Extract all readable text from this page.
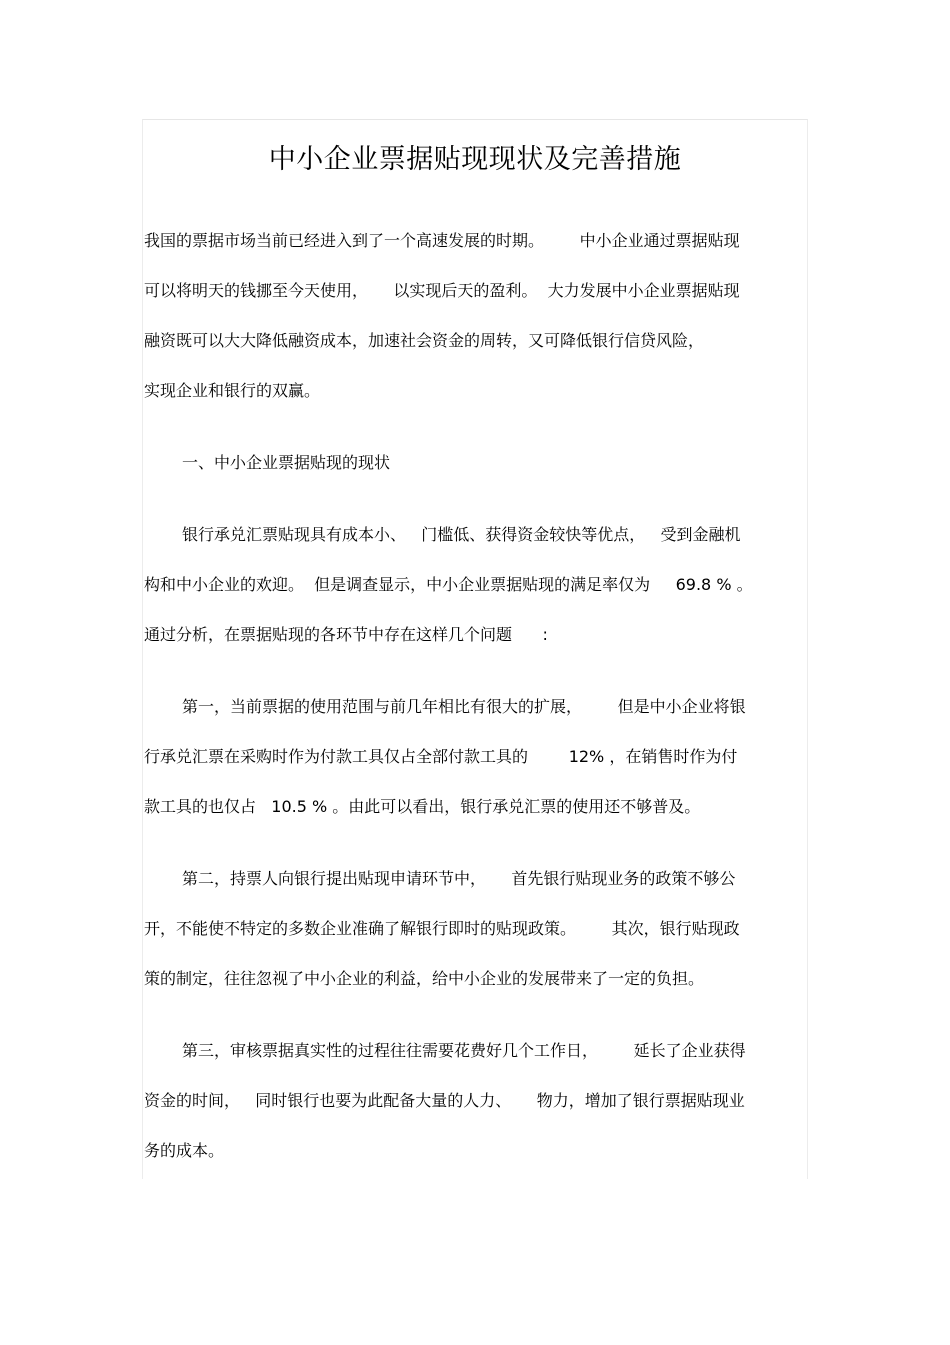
中小企业票据贴现现状及完善措施
我国的票据市场当前已经进入到了一个高速发展的时期。       中小企业通过票据贴现
可以将明天的钱挪至今天使用，     以实现后天的盈利。  大力发展中小企业票据贴现
融资既可以大大降低融资成本，加速社会资金的周转，又可降低银行信贷风险，
实现企业和银行的双赢。
一、中小企业票据贴现的现状
银行承兑汇票贴现具有成本小、   门槛低、获得资金较快等优点，   受到金融机
构和中小企业的欢迎。  但是调查显示，中小企业票据贴现的满足率仅为     69.8 % 。
通过分析，在票据贴现的各环节中存在这样几个问题      :
第一，当前票据的使用范围与前几年相比有很大的扩展，       但是中小企业将银
行承兑汇票在采购时作为付款工具仅占全部付款工具的        12% ，在销售时作为付
款工具的也仅占   10.5 % 。由此可以看出，银行承兑汇票的使用还不够普及。
第二，持票人向银行提出贴现申请环节中，     首先银行贴现业务的政策不够公
开，不能使不特定的多数企业准确了解银行即时的贴现政策。       其次，银行贴现政
策的制定，往往忽视了中小企业的利益，给中小企业的发展带来了一定的负担。
第三，审核票据真实性的过程往往需要花费好几个工作日，       延长了企业获得
资金的时间，   同时银行也要为此配备大量的人力、     物力，增加了银行票据贴现业
务的成本。
